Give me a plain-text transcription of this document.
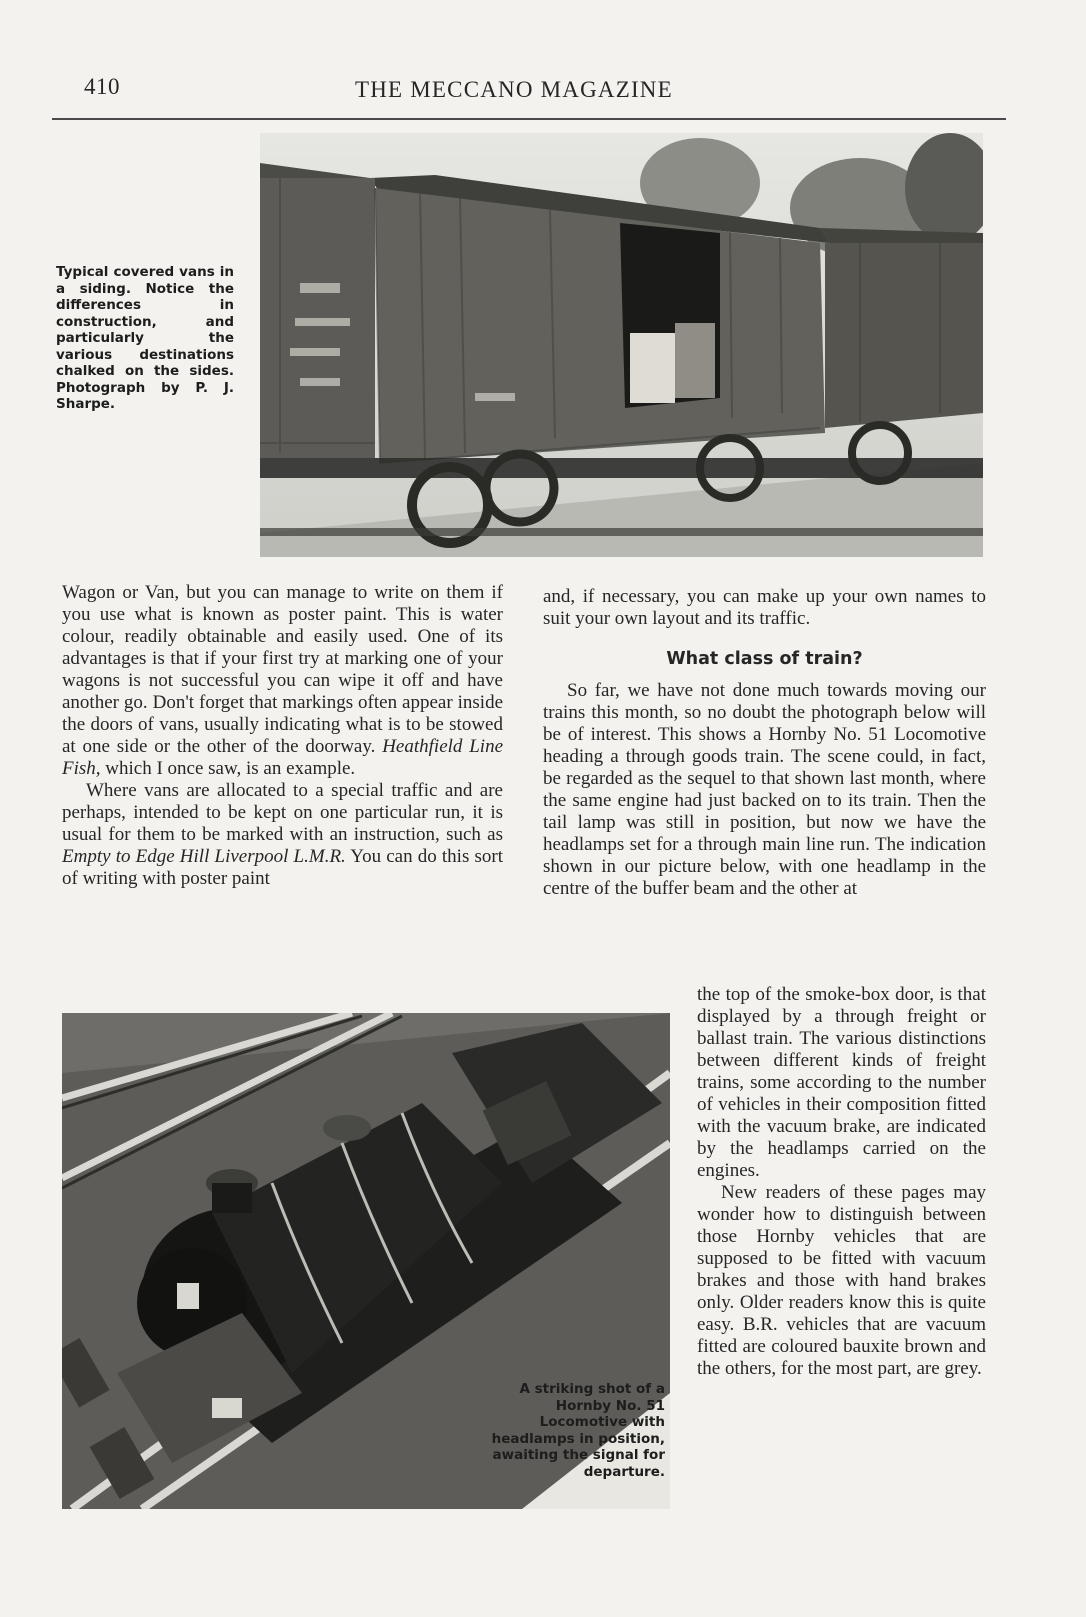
410	THE MECCANO MAGAZINE
Typical covered vans in a siding. Notice the differences in construction, and particularly the various destinations chalked on the sides. Photograph by P. J. Sharpe.

Wagon or Van, but you can manage to write on them if you use what is known as poster paint. This is water colour, readily obtainable and easily used. One of its advantages is that if your first try at marking one of your wagons is not successful you can wipe it off and have another go. Don't forget that markings often appear inside the doors of vans, usually indicating what is to be stowed at one side or the other of the doorway. Heathfield Line Fish, which I once saw, is an example.

Where vans are allocated to a special traffic and are perhaps, intended to be kept on one particular run, it is usual for them to be marked with an instruction, such as Empty to Edge Hill Liverpool L.M.R. You can do this sort of writing with poster paint

and, if necessary, you can make up your own names to suit your own layout and its traffic.

What class of train?

So far, we have not done much towards moving our trains this month, so no doubt the photograph below will be of interest. This shows a Hornby No. 51 Locomotive heading a through goods train. The scene could, in fact, be regarded as the sequel to that shown last month, where the same engine had just backed on to its train. Then the tail lamp was still in position, but now we have the headlamps set for a through main line run. The indication shown in our picture below, with one headlamp in the centre of the buffer beam and the other at

A striking shot of a Hornby No. 51 Locomotive with headlamps in position, awaiting the signal for departure.

the top of the smoke-box door, is that displayed by a through freight or ballast train. The various distinctions between different kinds of freight trains, some according to the number of vehicles in their composition fitted with the vacuum brake, are indicated by the headlamps carried on the engines.

New readers of these pages may wonder how to distinguish between those Hornby vehicles that are supposed to be fitted with vacuum brakes and those with hand brakes only. Older readers know this is quite easy. B.R. vehicles that are vacuum fitted are coloured bauxite brown and the others, for the most part, are grey.
